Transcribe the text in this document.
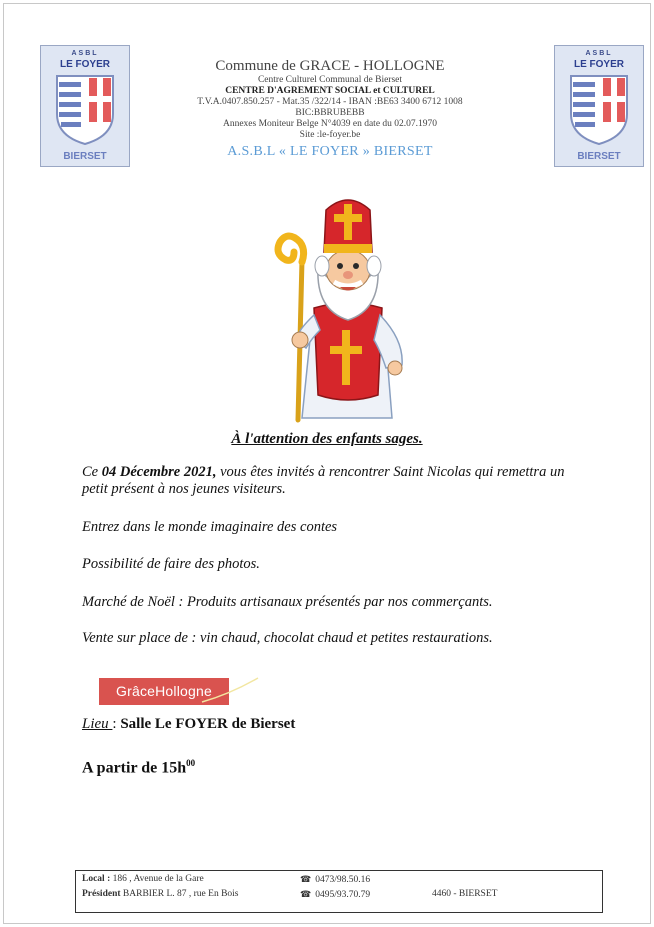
ASBL
LE FOYER
BIERSET
ASBL
LE FOYER
BIERSET
Commune de GRACE - HOLLOGNE
Centre Culturel Communal de Bierset
CENTRE D'AGREMENT SOCIAL et CULTUREL
T.V.A.0407.850.257 - Mat.35 /322/14 - IBAN :BE63 3400 6712 1008
BIC:BBRUBEBB
Annexes Moniteur Belge N°4039 en date du 02.07.1970
Site :le-foyer.be
A.S.B.L « LE FOYER » BIERSET
À l'attention des enfants sages.
Ce 04 Décembre 2021, vous êtes invités à rencontrer Saint Nicolas qui remettra un petit présent à nos jeunes visiteurs.
Entrez dans le monde imaginaire des contes
Possibilité de faire des photos.
Marché de Noël : Produits artisanaux présentés par nos commerçants.
Vente sur place de : vin chaud, chocolat chaud et petites restaurations.
GrâceHollogne
Lieu : Salle Le FOYER de Bierset
A partir de $15h^{00}$
Local : 186 , Avenue de la Gare	☎ 0473/98.50.16
Président BARBIER L. 87 , rue En Bois	☎ 0495/93.70.79	4460 - BIERSET
